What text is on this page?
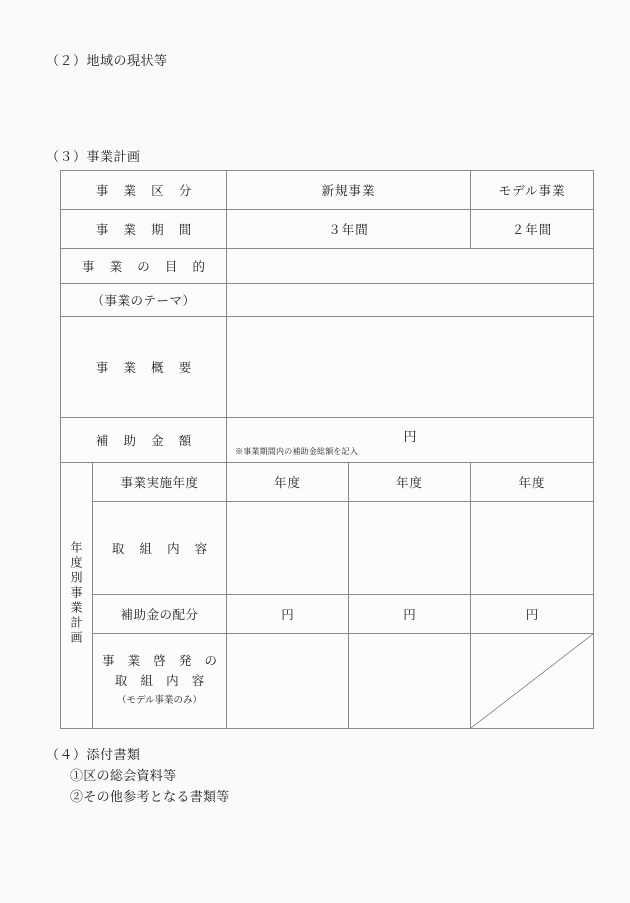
（２）地域の現状等
（３）事業計画
事 業 区 分		新規事業		モデル事業
事 業 期 間		３年間		２年間
事 業 の 目 的				
（事業のテーマ）				
事 業 概 要				
補 助 金 額		円
※事業期間内の補助金総額を記入		

年度別事業計画	事業実施年度	年度	年度	年度
	取 組 内 容			
	補助金の配分	円	円	円

	事 業 啓 発 の
取 組 内 容
（モデル事業のみ）

（４）添付書類
①区の総会資料等
②その他参考となる書類等
